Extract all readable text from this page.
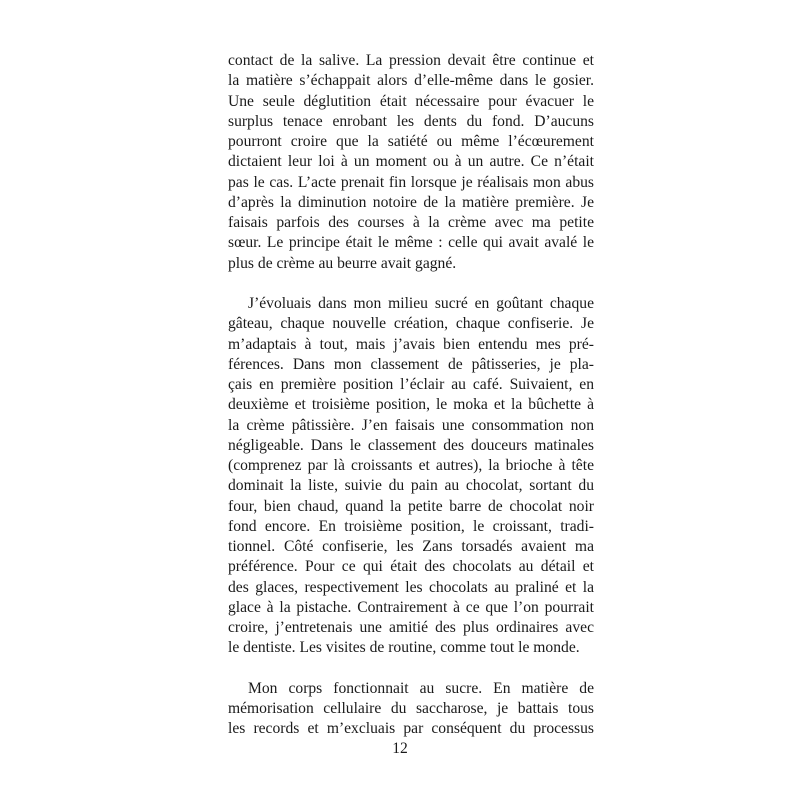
contact de la salive. La pression devait être continue et
la matière s’échappait alors d’elle-même dans le gosier.
Une seule déglutition était nécessaire pour évacuer le
surplus tenace enrobant les dents du fond. D’aucuns
pourront croire que la satiété ou même l’écœurement
dictaient leur loi à un moment ou à un autre. Ce n’était
pas le cas. L’acte prenait fin lorsque je réalisais mon abus
d’après la diminution notoire de la matière première. Je
faisais parfois des courses à la crème avec ma petite
sœur. Le principe était le même : celle qui avait avalé le
plus de crème au beurre avait gagné.

J’évoluais dans mon milieu sucré en goûtant chaque
gâteau, chaque nouvelle création, chaque confiserie. Je
m’adaptais à tout, mais j’avais bien entendu mes pré-
férences. Dans mon classement de pâtisseries, je pla-
çais en première position l’éclair au café. Suivaient, en
deuxième et troisième position, le moka et la bûchette à
la crème pâtissière. J’en faisais une consommation non
négligeable. Dans le classement des douceurs matinales
(comprenez par là croissants et autres), la brioche à tête
dominait la liste, suivie du pain au chocolat, sortant du
four, bien chaud, quand la petite barre de chocolat noir
fond encore. En troisième position, le croissant, tradi-
tionnel. Côté confiserie, les Zans torsadés avaient ma
préférence. Pour ce qui était des chocolats au détail et
des glaces, respectivement les chocolats au praliné et la
glace à la pistache. Contrairement à ce que l’on pourrait
croire, j’entretenais une amitié des plus ordinaires avec
le dentiste. Les visites de routine, comme tout le monde.

Mon corps fonctionnait au sucre. En matière de
mémorisation cellulaire du saccharose, je battais tous
les records et m’excluais par conséquent du processus

12
